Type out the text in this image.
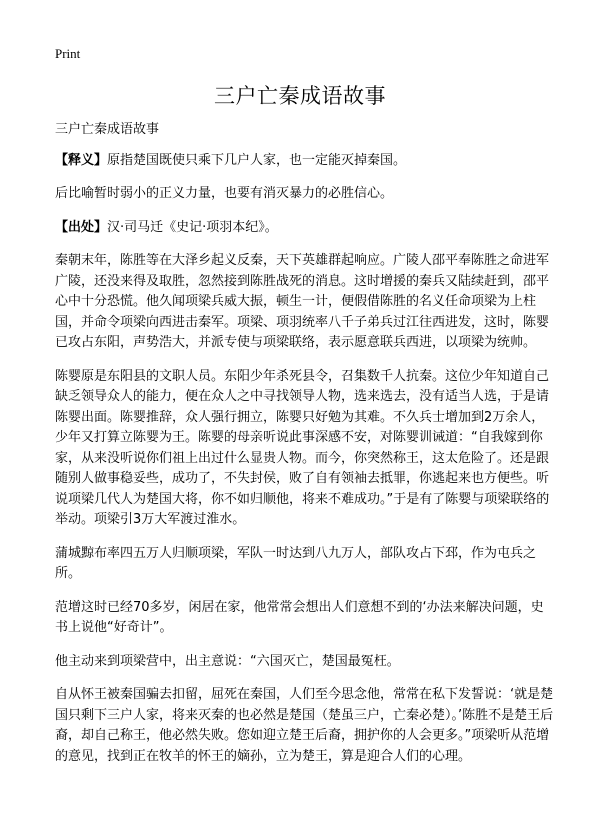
Print
三户亡秦成语故事

三户亡秦成语故事

【释义】原指楚国既使只乘下几户人家，也一定能灭掉秦国。

后比喻暂时弱小的正义力量，也要有消灭暴力的必胜信心。

【出处】汉·司马迁《史记·项羽本纪》。

秦朝末年，陈胜等在大泽乡起义反秦，天下英雄群起响应。广陵人邵平奉陈胜之命进军广陵，还没来得及取胜，忽然接到陈胜战死的消息。这时增援的秦兵又陆续赶到，邵平心中十分恐慌。他久闻项梁兵威大振，顿生一计，便假借陈胜的名义任命项梁为上柱国，并命令项梁向西进击秦军。项梁、项羽统率八千子弟兵过江往西进发，这时，陈婴已攻占东阳，声势浩大，并派专使与项梁联络，表示愿意联兵西进，以项梁为统帅。

陈婴原是东阳县的文职人员。东阳少年杀死县令，召集数千人抗秦。这位少年知道自己缺乏领导众人的能力，便在众人之中寻找领导人物，选来选去，没有适当人选，于是请陈婴出面。陈婴推辞，众人强行拥立，陈婴只好勉为其难。不久兵士增加到2万余人，少年又打算立陈婴为王。陈婴的母亲听说此事深感不安，对陈婴训诫道：“自我嫁到你家，从来没听说你们祖上出过什么显贵人物。而今，你突然称王，这太危险了。还是跟随别人做事稳妥些，成功了，不失封侯，败了自有领袖去抵罪，你逃起来也方便些。听说项梁几代人为楚国大将，你不如归顺他，将来不难成功。”于是有了陈婴与项梁联络的举动。项梁引3万大军渡过淮水。

蒲城黥布率四五万人归顺项梁，军队一时达到八九万人，部队攻占下邳，作为屯兵之所。

范增这时已经70多岁，闲居在家，他常常会想出人们意想不到的‘办法来解决问题，史书上说他“好奇计”。

他主动来到项梁营中，出主意说：“六国灭亡，楚国最冤枉。

自从怀王被秦国骗去扣留，屈死在秦国，人们至今思念他，常常在私下发誓说：‘就是楚国只剩下三户人家，将来灭秦的也必然是楚国（楚虽三户，亡秦必楚）。’陈胜不是楚王后裔，却自己称王，他必然失败。您如迎立楚王后裔，拥护你的人会更多。”项梁听从范增的意见，找到正在牧羊的怀王的嫡孙，立为楚王，算是迎合人们的心理。
